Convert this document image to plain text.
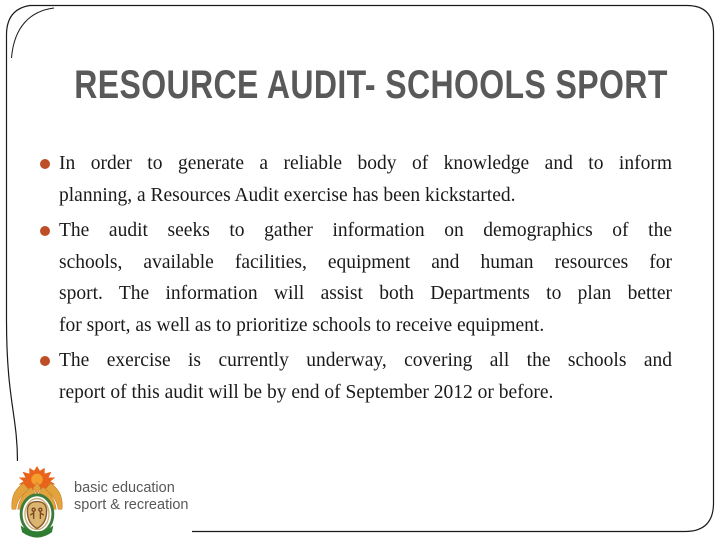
RESOURCE AUDIT- SCHOOLS SPORT
In order to generate a reliable body of knowledge and to inform
planning, a Resources Audit exercise has been kickstarted.
The audit seeks to gather information on demographics of the
schools, available facilities, equipment and human resources for
sport. The information will assist both Departments to plan better
for sport, as well as to prioritize schools to receive equipment.
The exercise is currently underway, covering all the schools and
report of this audit will be by end of September 2012 or before.
basic education
sport & recreation
